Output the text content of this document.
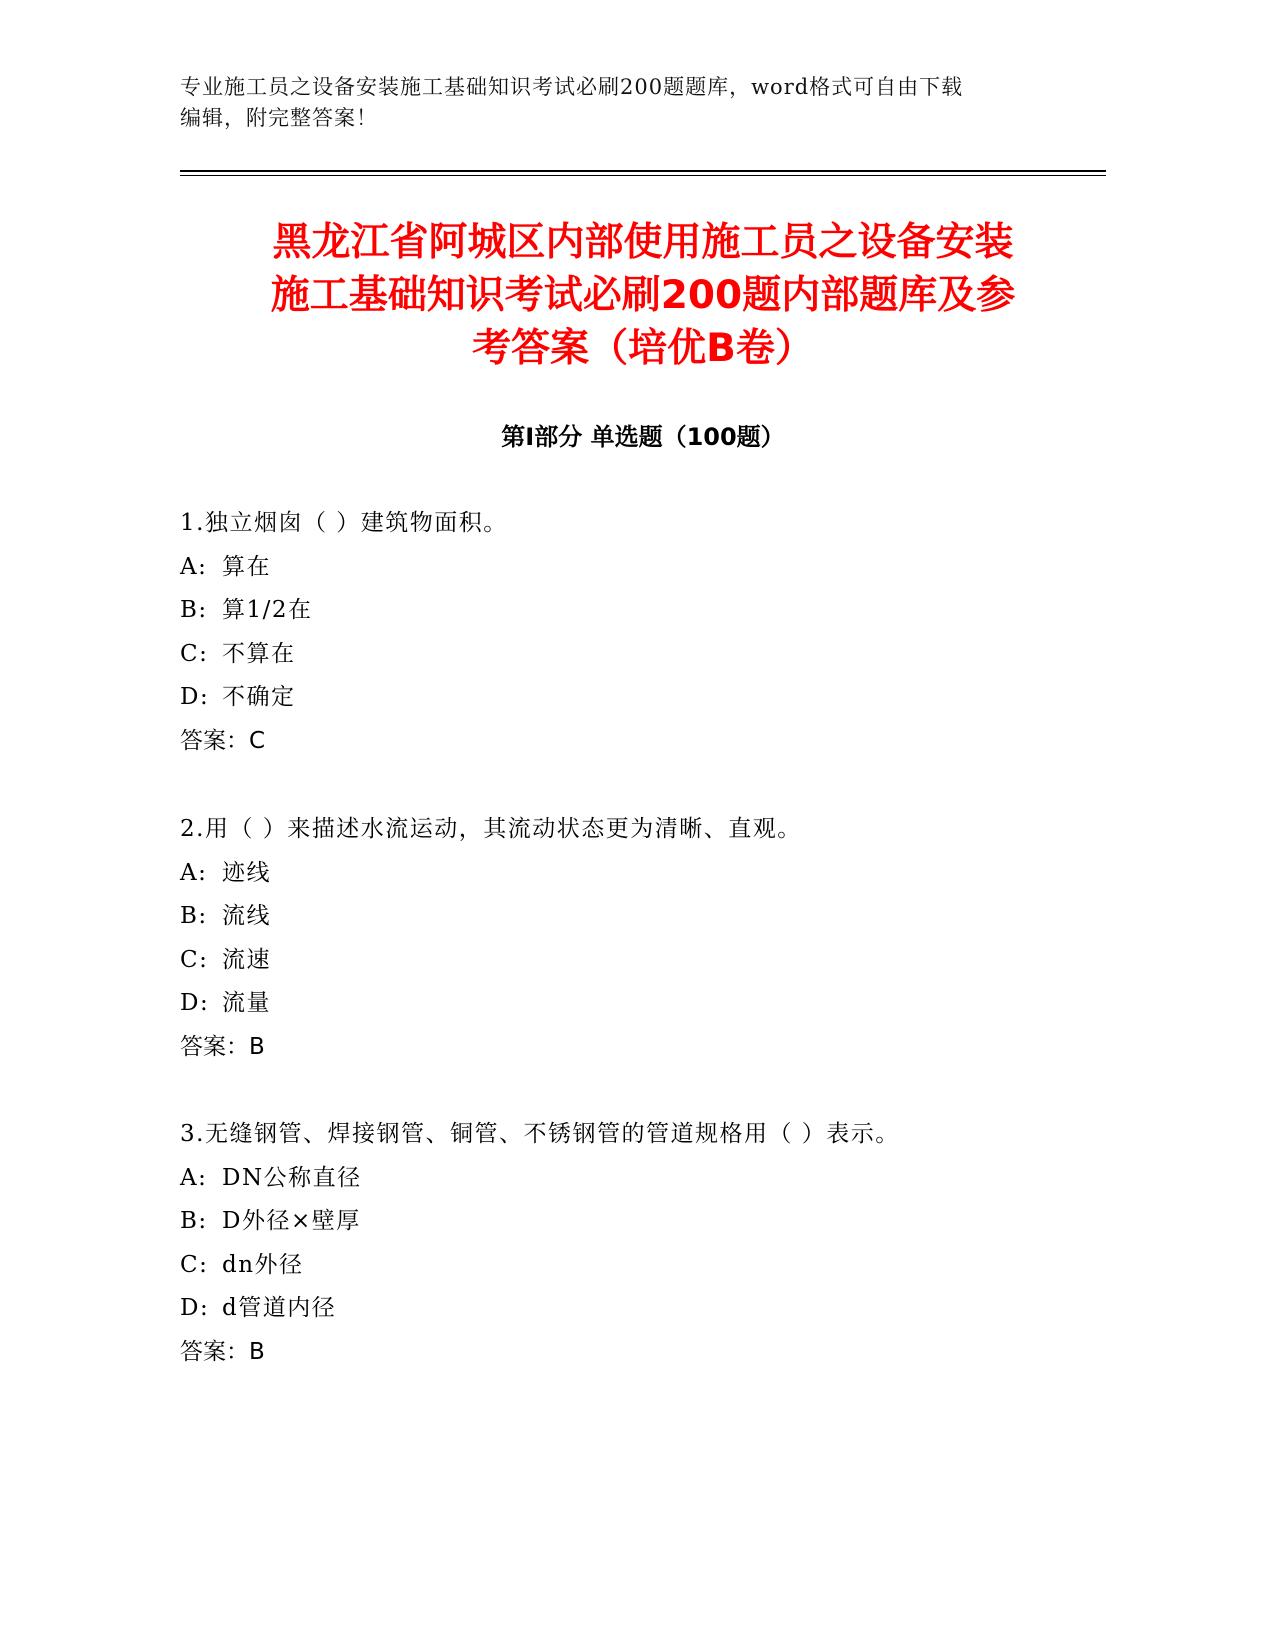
专业施工员之设备安装施工基础知识考试必刷200题题库，word格式可自由下载
编辑，附完整答案！
黑龙江省阿城区内部使用施工员之设备安装
施工基础知识考试必刷200题内部题库及参
考答案（培优B卷）
第Ⅰ部分 单选题（100题）
1.独立烟囱（ ）建筑物面积。
A: 算在
B: 算1/2在
C: 不算在
D: 不确定
答案：C
2.用（ ）来描述水流运动，其流动状态更为清晰、直观。
A: 迹线
B: 流线
C: 流速
D: 流量
答案：B
3.无缝钢管、焊接钢管、铜管、不锈钢管的管道规格用（ ）表示。
A: DN公称直径
B: D外径×壁厚
C: dn外径
D: d管道内径
答案：B
